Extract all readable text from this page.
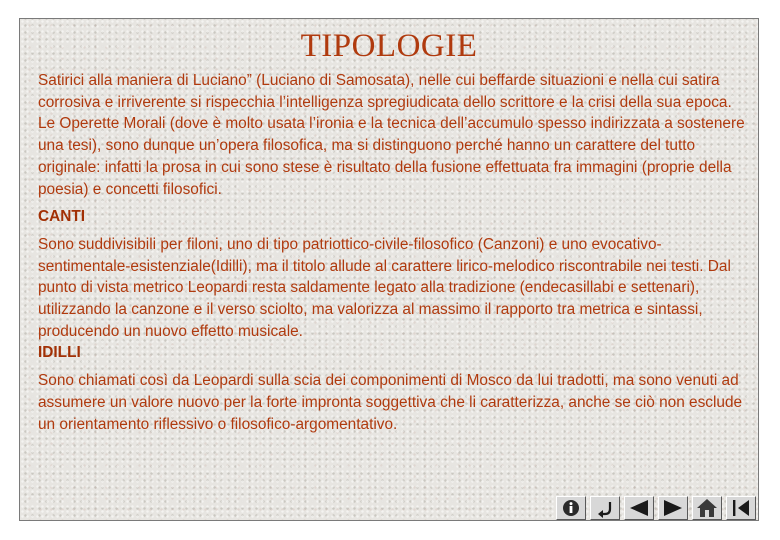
TIPOLOGIE

Satirici alla maniera di Luciano” (Luciano di Samosata), nelle cui beffarde situazioni e nella cui satira corrosiva e irriverente si rispecchia l’intelligenza spregiudicata dello scrittore e la crisi della sua epoca. Le Operette Morali (dove è molto usata l’ironia e la tecnica dell’accumulo spesso indirizzata a sostenere una tesi), sono dunque un’opera filosofica, ma si distinguono perché hanno un carattere del tutto originale: infatti la prosa in cui sono stese è risultato della fusione effettuata fra immagini (proprie della poesia) e concetti filosofici.

CANTI

Sono suddivisibili per filoni, uno di tipo patriottico-civile-filosofico (Canzoni) e uno evocativo-sentimentale-esistenziale(Idilli), ma il titolo allude al carattere lirico-melodico riscontrabile nei testi. Dal punto di vista metrico Leopardi resta saldamente legato alla tradizione (endecasillabi e settenari), utilizzando la canzone e il verso sciolto, ma valorizza al massimo il rapporto tra metrica e sintassi, producendo un nuovo effetto musicale.

IDILLI

Sono chiamati così da Leopardi sulla scia dei componimenti di Mosco da lui tradotti, ma sono venuti ad assumere un valore nuovo per la forte impronta soggettiva che li caratterizza, anche se ciò non esclude un orientamento riflessivo o filosofico-argomentativo.
